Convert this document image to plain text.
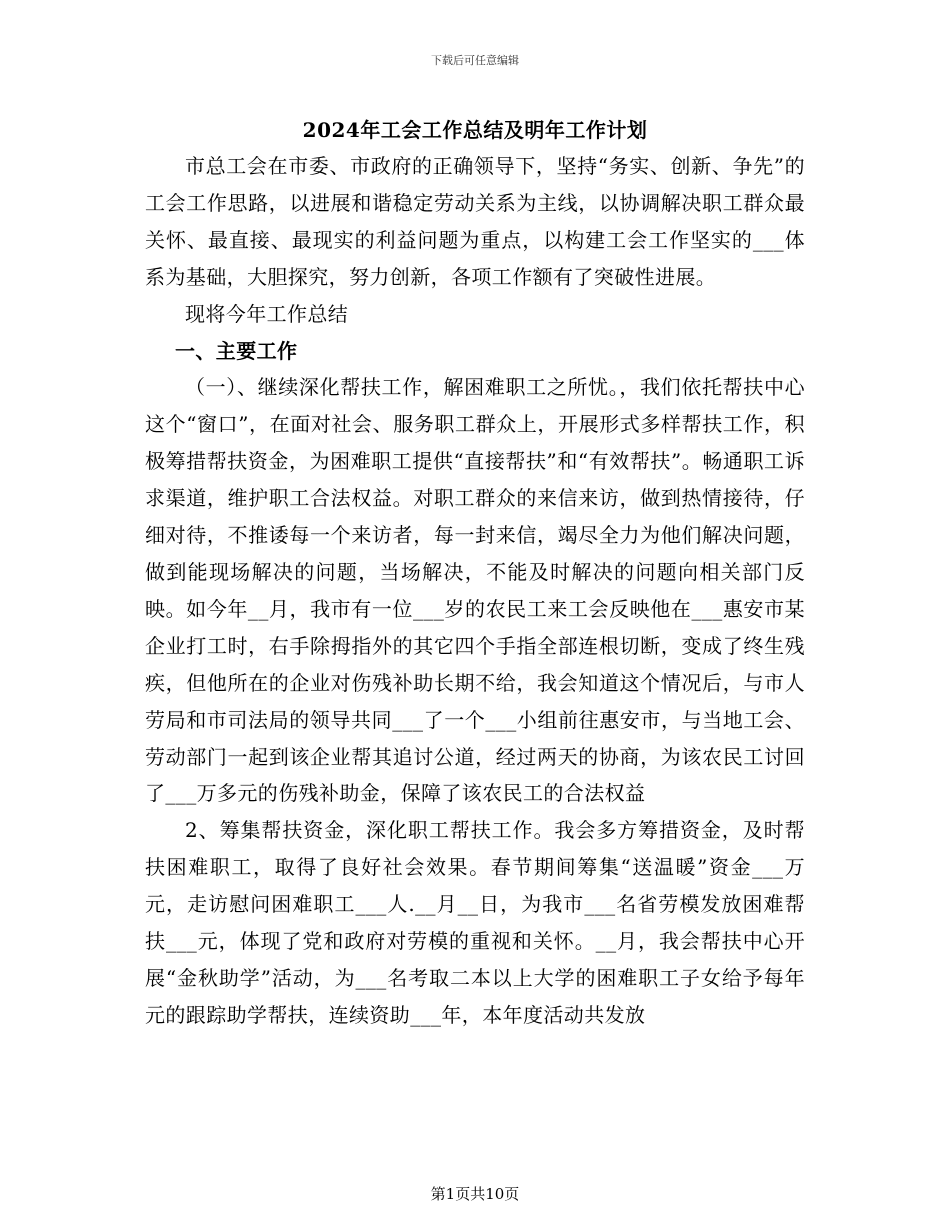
下载后可任意编辑
2024年工会工作总结及明年工作计划

市总工会在市委、市政府的正确领导下，坚持“务实、创新、争先”的工会工作思路，以进展和谐稳定劳动关系为主线，以协调解决职工群众最关怀、最直接、最现实的利益问题为重点，以构建工会工作坚实的___体系为基础，大胆探究，努力创新，各项工作额有了突破性进展。

现将今年工作总结

一、主要工作

（一）、继续深化帮扶工作，解困难职工之所忧。，我们依托帮扶中心这个“窗口”，在面对社会、服务职工群众上，开展形式多样帮扶工作，积极筹措帮扶资金，为困难职工提供“直接帮扶”和“有效帮扶”。畅通职工诉求渠道，维护职工合法权益。对职工群众的来信来访，做到热情接待，仔细对待，不推诿每一个来访者，每一封来信，竭尽全力为他们解决问题，做到能现场解决的问题，当场解决，不能及时解决的问题向相关部门反映。如今年__月，我市有一位___岁的农民工来工会反映他在___惠安市某企业打工时，右手除拇指外的其它四个手指全部连根切断，变成了终生残疾，但他所在的企业对伤残补助长期不给，我会知道这个情况后，与市人劳局和市司法局的领导共同___了一个___小组前往惠安市，与当地工会、劳动部门一起到该企业帮其追讨公道，经过两天的协商，为该农民工讨回了___万多元的伤残补助金，保障了该农民工的合法权益

2、筹集帮扶资金，深化职工帮扶工作。我会多方筹措资金，及时帮扶困难职工，取得了良好社会效果。春节期间筹集“送温暖”资金___万元，走访慰问困难职工___人.__月__日，为我市___名省劳模发放困难帮扶___元，体现了党和政府对劳模的重视和关怀。__月，我会帮扶中心开展“金秋助学”活动，为___名考取二本以上大学的困难职工子女给予每年元的跟踪助学帮扶，连续资助___年，本年度活动共发放

第1页共10页
